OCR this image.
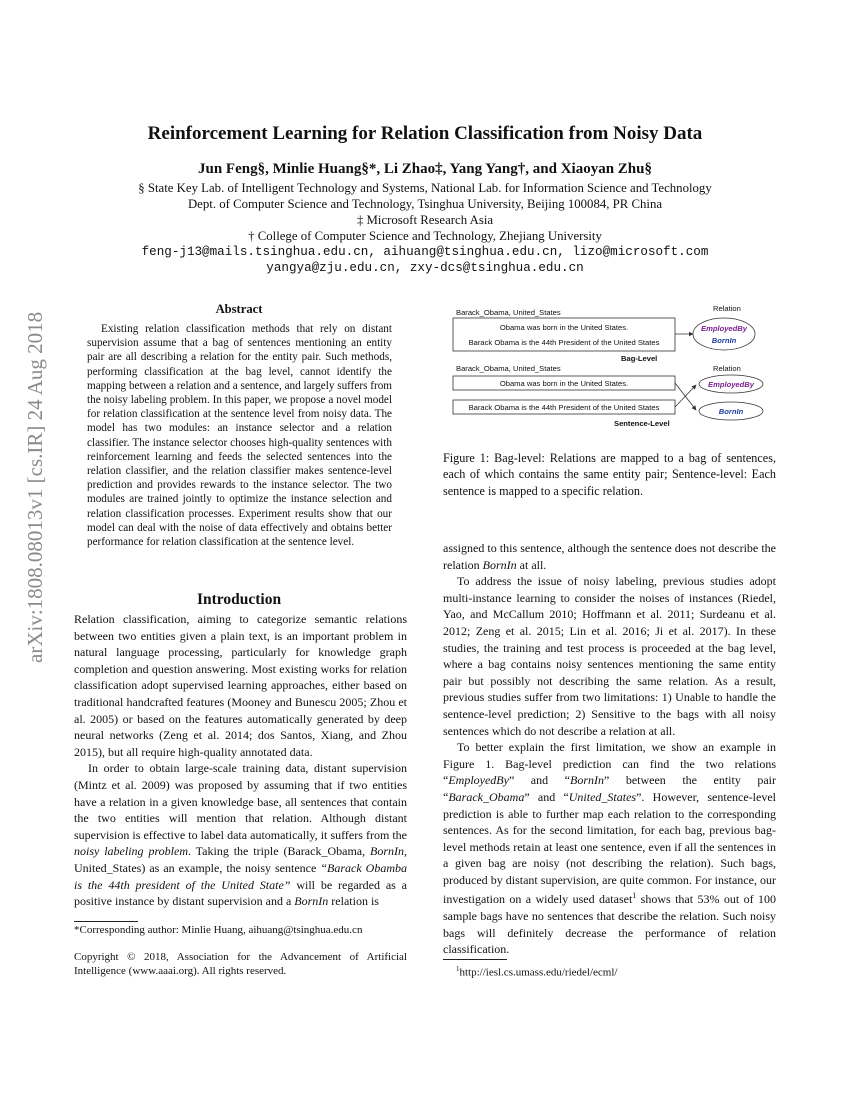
arXiv:1808.08013v1 [cs.IR] 24 Aug 2018
Reinforcement Learning for Relation Classification from Noisy Data
Jun Feng§, Minlie Huang§*, Li Zhao‡, Yang Yang†, and Xiaoyan Zhu§
§ State Key Lab. of Intelligent Technology and Systems, National Lab. for Information Science and Technology
Dept. of Computer Science and Technology, Tsinghua University, Beijing 100084, PR China
‡ Microsoft Research Asia
† College of Computer Science and Technology, Zhejiang University
feng-j13@mails.tsinghua.edu.cn, aihuang@tsinghua.edu.cn, lizo@microsoft.com
yangya@zju.edu.cn, zxy-dcs@tsinghua.edu.cn
Abstract

Existing relation classification methods that rely on distant supervision assume that a bag of sentences mentioning an entity pair are all describing a relation for the entity pair. Such methods, performing classification at the bag level, cannot identify the mapping between a relation and a sentence, and largely suffers from the noisy labeling problem. In this paper, we propose a novel model for relation classification at the sentence level from noisy data. The model has two modules: an instance selector and a relation classifier. The instance selector chooses high-quality sentences with reinforcement learning and feeds the selected sentences into the relation classifier, and the relation classifier makes sentence-level prediction and provides rewards to the instance selector. The two modules are trained jointly to optimize the instance selection and relation classification processes. Experiment results show that our model can deal with the noise of data effectively and obtains better performance for relation classification at the sentence level.

Introduction

Relation classification, aiming to categorize semantic relations between two entities given a plain text, is an important problem in natural language processing, particularly for knowledge graph completion and question answering. Most existing works for relation classification adopt supervised learning approaches, either based on traditional handcrafted features (Mooney and Bunescu 2005; Zhou et al. 2005) or based on the features automatically generated by deep neural networks (Zeng et al. 2014; dos Santos, Xiang, and Zhou 2015), but all require high-quality annotated data.

In order to obtain large-scale training data, distant supervision (Mintz et al. 2009) was proposed by assuming that if two entities have a relation in a given knowledge base, all sentences that contain the two entities will mention that relation. Although distant supervision is effective to label data automatically, it suffers from the noisy labeling problem. Taking the triple (Barack_Obama, BornIn, United_States) as an example, the noisy sentence “Barack Obamba is the 44th president of the United State” will be regarded as a positive instance by distant supervision and a BornIn relation is

*Corresponding author: Minlie Huang, aihuang@tsinghua.edu.cn
Copyright © 2018, Association for the Advancement of Artificial Intelligence (www.aaai.org). All rights reserved.
Relation
Barack_Obama, United_States
Obama was born in the United States.
Barack Obama is the 44th President of the United States
EmployedBy
BornIn
Bag-Level
Relation
Barack_Obama, United_States
Obama was born in the United States.
Barack Obama is the 44th President of the United States
EmployedBy
BornIn
Sentence-Level
Figure 1: Bag-level: Relations are mapped to a bag of sentences, each of which contains the same entity pair; Sentence-level: Each sentence is mapped to a specific relation.

assigned to this sentence, although the sentence does not describe the relation BornIn at all.

To address the issue of noisy labeling, previous studies adopt multi-instance learning to consider the noises of instances (Riedel, Yao, and McCallum 2010; Hoffmann et al. 2011; Surdeanu et al. 2012; Zeng et al. 2015; Lin et al. 2016; Ji et al. 2017). In these studies, the training and test process is proceeded at the bag level, where a bag contains noisy sentences mentioning the same entity pair but possibly not describing the same relation. As a result, previous studies suffer from two limitations: 1) Unable to handle the sentence-level prediction; 2) Sensitive to the bags with all noisy sentences which do not describe a relation at all.

To better explain the first limitation, we show an example in Figure 1. Bag-level prediction can find the two relations “EmployedBy” and “BornIn” between the entity pair “Barack_Obama” and “United_States”. However, sentence-level prediction is able to further map each relation to the corresponding sentences. As for the second limitation, for each bag, previous bag-level methods retain at least one sentence, even if all the sentences in a given bag are noisy (not describing the relation). Such bags, produced by distant supervision, are quite common. For instance, our investigation on a widely used dataset$^1$ shows that 53% out of 100 sample bags have no sentences that describe the relation. Such noisy bags will definitely decrease the performance of relation classification.

$^1$http://iesl.cs.umass.edu/riedel/ecml/
